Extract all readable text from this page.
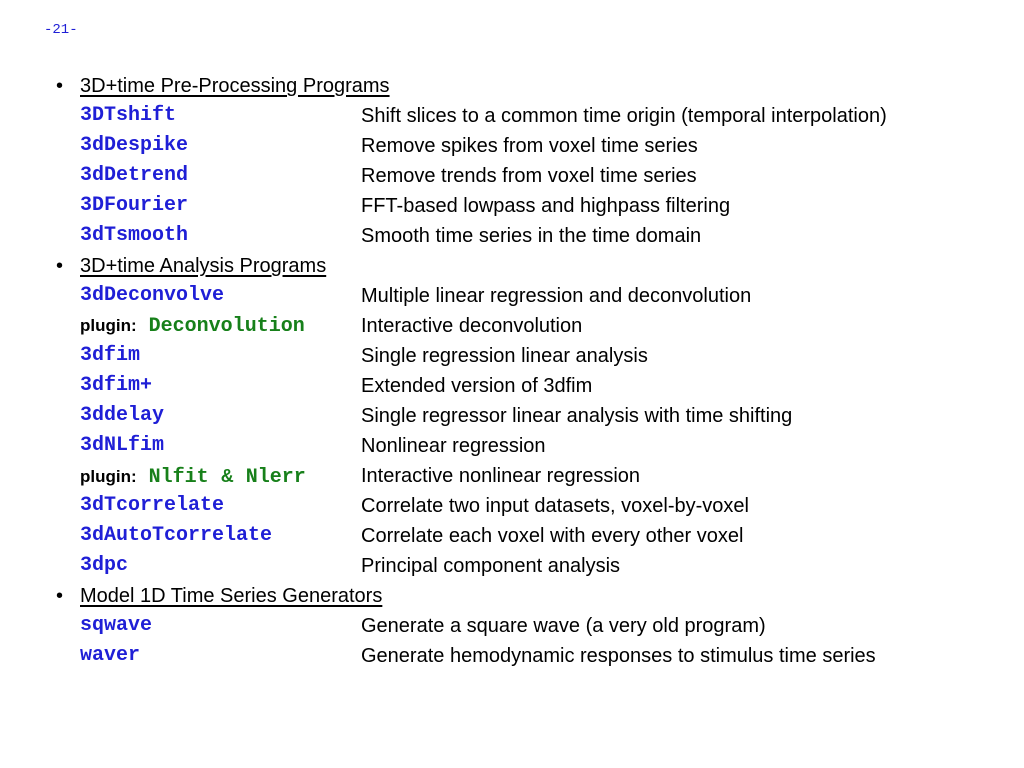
-21-
• 3D+time Pre-Processing Programs
3DTshift	Shift slices to a common time origin (temporal interpolation)
3dDespike	Remove spikes from voxel time series
3dDetrend	Remove trends from voxel time series
3DFourier	FFT-based lowpass and highpass filtering
3dTsmooth	Smooth time series in the time domain
• 3D+time Analysis Programs
3dDeconvolve	Multiple linear regression and deconvolution
plugin: Deconvolution	Interactive deconvolution
3dfim	Single regression linear analysis
3dfim+	Extended version of 3dfim
3ddelay	Single regressor linear analysis with time shifting
3dNLfim	Nonlinear regression
plugin: Nlfit & Nlerr	Interactive nonlinear regression
3dTcorrelate	Correlate two input datasets, voxel-by-voxel
3dAutoTcorrelate	Correlate each voxel with every other voxel
3dpc	Principal component analysis
• Model 1D Time Series Generators
sqwave	Generate a square wave (a very old program)
waver	Generate hemodynamic responses to stimulus time series
